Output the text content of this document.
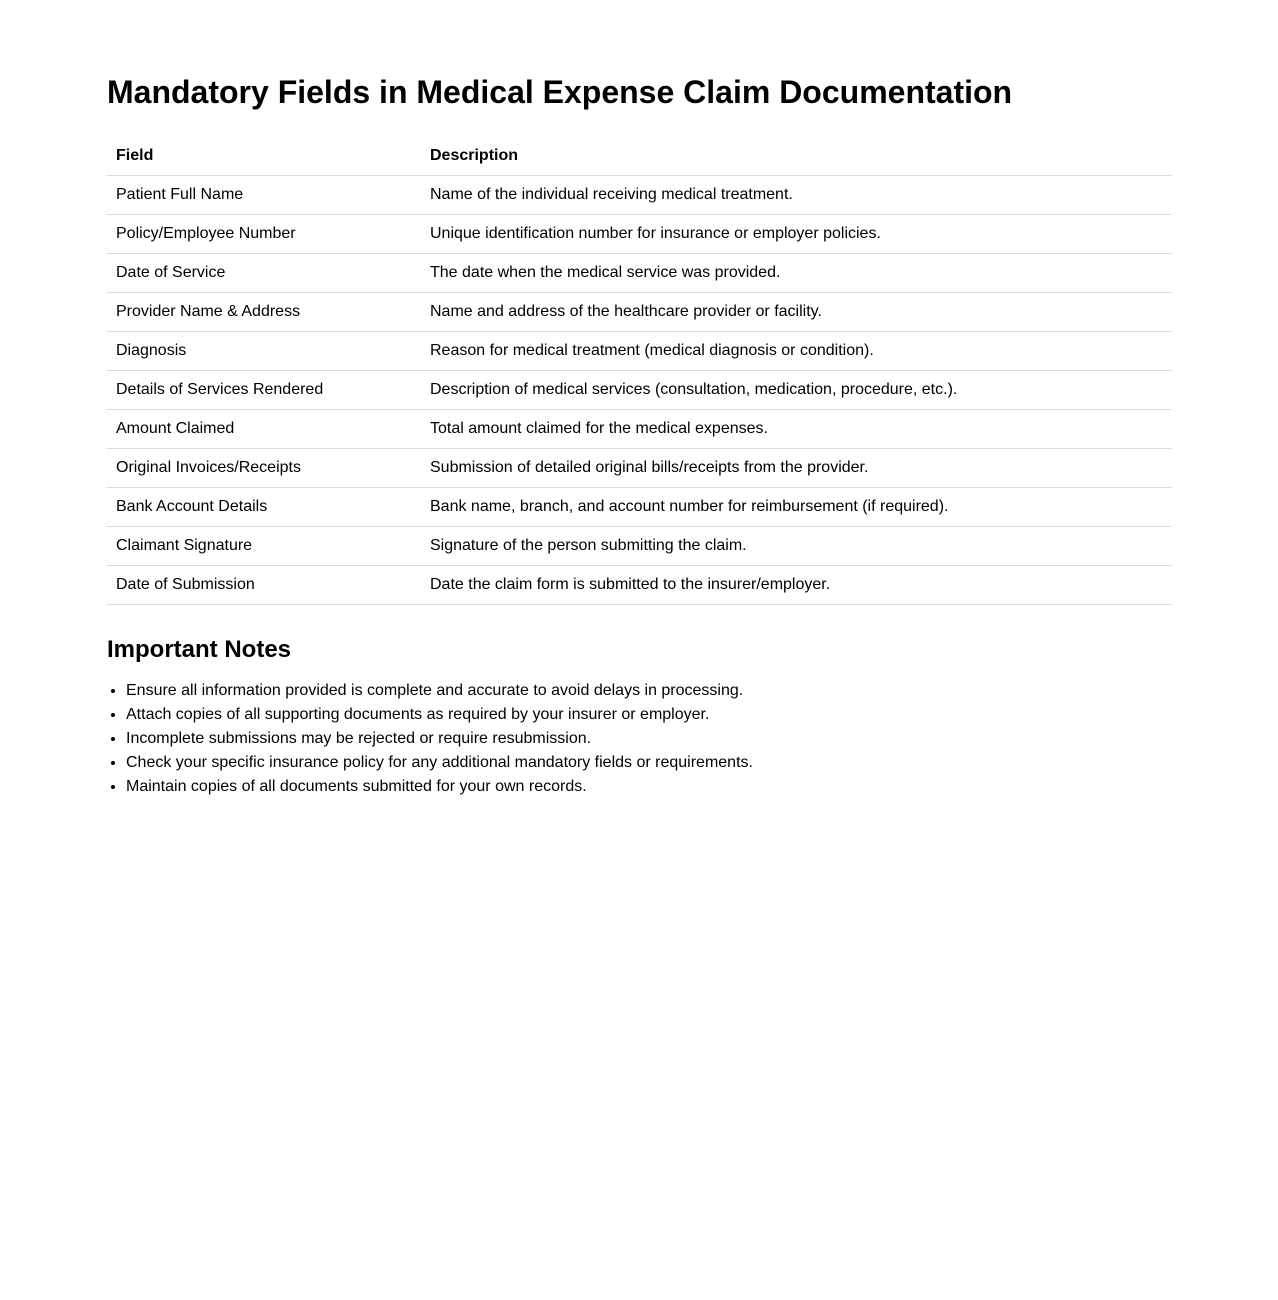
Mandatory Fields in Medical Expense Claim Documentation
Field	Description
Patient Full Name	Name of the individual receiving medical treatment.
Policy/Employee Number	Unique identification number for insurance or employer policies.
Date of Service	The date when the medical service was provided.
Provider Name & Address	Name and address of the healthcare provider or facility.
Diagnosis	Reason for medical treatment (medical diagnosis or condition).
Details of Services Rendered	Description of medical services (consultation, medication, procedure, etc.).
Amount Claimed	Total amount claimed for the medical expenses.
Original Invoices/Receipts	Submission of detailed original bills/receipts from the provider.
Bank Account Details	Bank name, branch, and account number for reimbursement (if required).
Claimant Signature	Signature of the person submitting the claim.
Date of Submission	Date the claim form is submitted to the insurer/employer.
Important Notes
• Ensure all information provided is complete and accurate to avoid delays in processing.
• Attach copies of all supporting documents as required by your insurer or employer.
• Incomplete submissions may be rejected or require resubmission.
• Check your specific insurance policy for any additional mandatory fields or requirements.
• Maintain copies of all documents submitted for your own records.
